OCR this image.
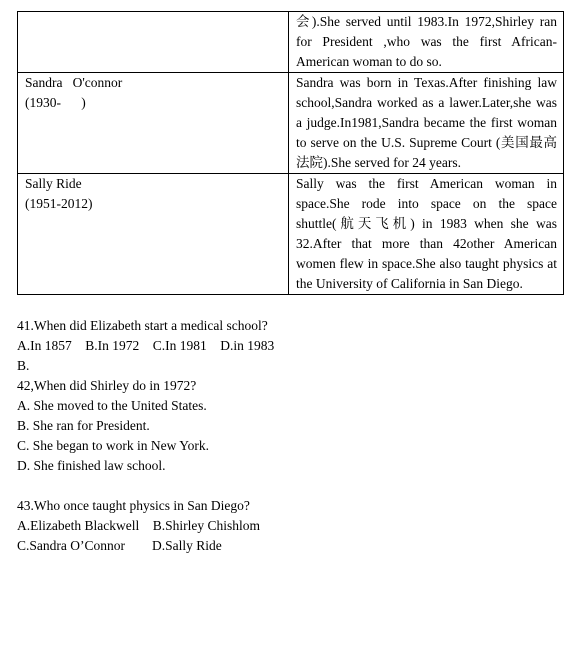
	会).She served until 1983.In 1972,Shirley ran for President ,who was the first African-American woman to do so.

Sandra   O'connor
(1930-      )	Sandra was born in Texas.After finishing law school,Sandra worked as a lawer.Later,she was a judge.In1981,Sandra became the first woman to serve on the U.S. Supreme Court (美国最高法院).She served for 24 years.

Sally Ride
(1951-2012)	Sally was the first American woman in space.She rode into space on the space shuttle(航天飞机) in 1983 when she was 32.After that more than 42other American women flew in space.She also taught physics at the University of California in San Diego.
41.When did Elizabeth start a medical school?
A.In 1857    B.In 1972    C.In 1981    D.in 1983
B.
42,When did Shirley do in 1972?
A. She moved to the United States.
B. She ran for President.
C. She began to work in New York.
D. She finished law school.
43.Who once taught physics in San Diego?
A.Elizabeth Blackwell    B.Shirley Chishlom
C.Sandra O’Connor        D.Sally Ride
